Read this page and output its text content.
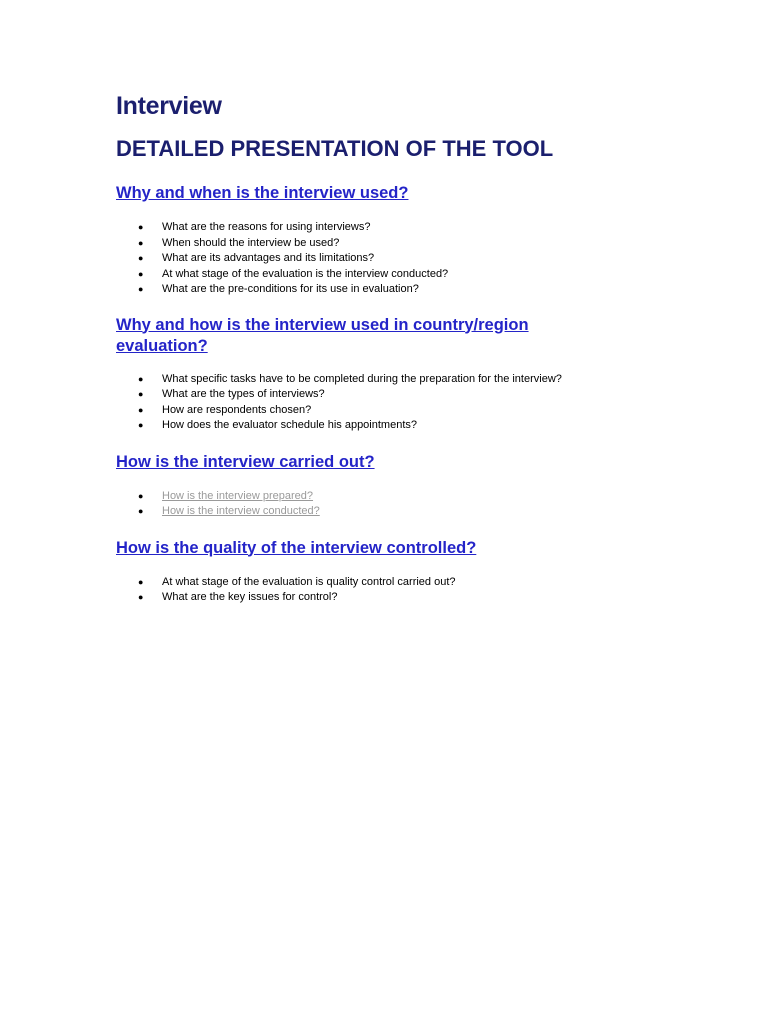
Interview
DETAILED PRESENTATION OF THE TOOL
Why and when is the interview used?
● What are the reasons for using interviews?
● When should the interview be used?
● What are its advantages and its limitations?
● At what stage of the evaluation is the interview conducted?
● What are the pre-conditions for its use in evaluation?
Why and how is the interview used in country/region
evaluation?
● What specific tasks have to be completed during the preparation for the interview?
● What are the types of interviews?
● How are respondents chosen?
● How does the evaluator schedule his appointments?
How is the interview carried out?
● How is the interview prepared?
● How is the interview conducted?
How is the quality of the interview controlled?
● At what stage of the evaluation is quality control carried out?
● What are the key issues for control?
